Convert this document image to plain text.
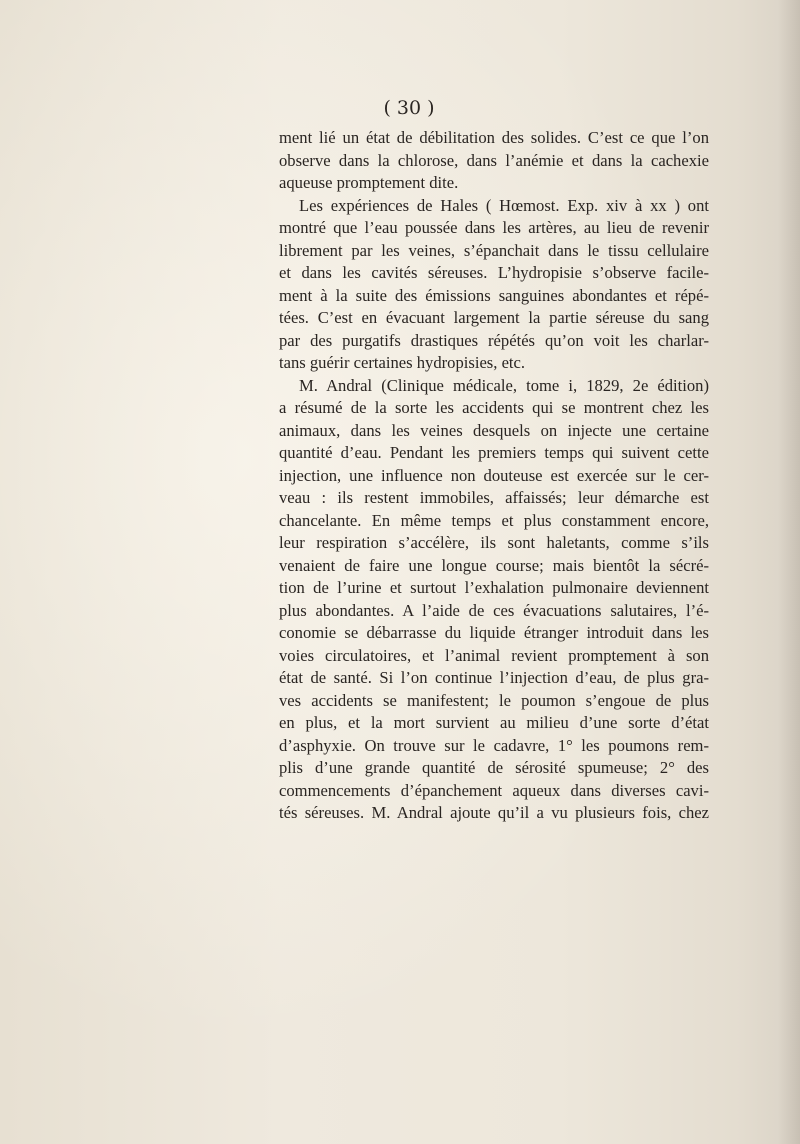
( 30 )
ment lié un état de débilitation des solides. C’est ce que l’on
observe dans la chlorose, dans l’anémie et dans la cachexie
aqueuse promptement dite.
Les expériences de Hales ( Hœmost. Exp. xiv à xx ) ont
montré que l’eau poussée dans les artères, au lieu de revenir
librement par les veines, s’épanchait dans le tissu cellulaire
et dans les cavités séreuses. L’hydropisie s’observe facile-
ment à la suite des émissions sanguines abondantes et répé-
tées. C’est en évacuant largement la partie séreuse du sang
par des purgatifs drastiques répétés qu’on voit les charlar-
tans guérir certaines hydropisies, etc.
M. Andral (Clinique médicale, tome i, 1829, 2e édition)
a résumé de la sorte les accidents qui se montrent chez les
animaux, dans les veines desquels on injecte une certaine
quantité d’eau. Pendant les premiers temps qui suivent cette
injection, une influence non douteuse est exercée sur le cer-
veau : ils restent immobiles, affaissés; leur démarche est
chancelante. En même temps et plus constamment encore,
leur respiration s’accélère, ils sont haletants, comme s’ils
venaient de faire une longue course; mais bientôt la sécré-
tion de l’urine et surtout l’exhalation pulmonaire deviennent
plus abondantes. A l’aide de ces évacuations salutaires, l’é-
conomie se débarrasse du liquide étranger introduit dans les
voies circulatoires, et l’animal revient promptement à son
état de santé. Si l’on continue l’injection d’eau, de plus gra-
ves accidents se manifestent; le poumon s’engoue de plus
en plus, et la mort survient au milieu d’une sorte d’état
d’asphyxie. On trouve sur le cadavre, 1° les poumons rem-
plis d’une grande quantité de sérosité spumeuse; 2° des
commencements d’épanchement aqueux dans diverses cavi-
tés séreuses. M. Andral ajoute qu’il a vu plusieurs fois, chez
